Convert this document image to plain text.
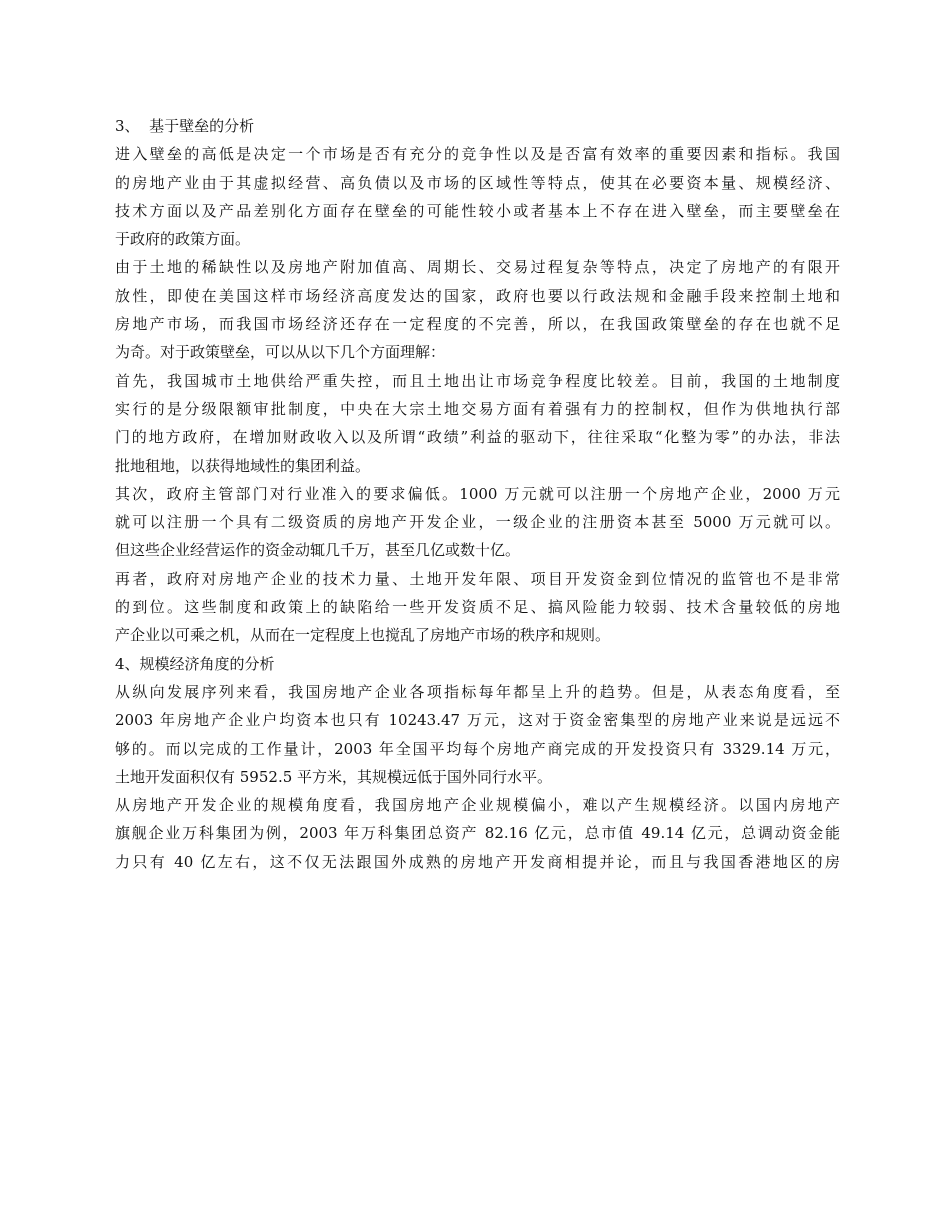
3、  基于壁垒的分析
进入壁垒的高低是决定一个市场是否有充分的竞争性以及是否富有效率的重要因素和指标。我国
的房地产业由于其虚拟经营、高负债以及市场的区域性等特点，使其在必要资本量、规模经济、
技术方面以及产品差别化方面存在壁垒的可能性较小或者基本上不存在进入壁垒，而主要壁垒在
于政府的政策方面。
由于土地的稀缺性以及房地产附加值高、周期长、交易过程复杂等特点，决定了房地产的有限开
放性，即使在美国这样市场经济高度发达的国家，政府也要以行政法规和金融手段来控制土地和
房地产市场，而我国市场经济还存在一定程度的不完善，所以，在我国政策壁垒的存在也就不足
为奇。对于政策壁垒，可以从以下几个方面理解：
首先，我国城市土地供给严重失控，而且土地出让市场竞争程度比较差。目前，我国的土地制度
实行的是分级限额审批制度，中央在大宗土地交易方面有着强有力的控制权，但作为供地执行部
门的地方政府，在增加财政收入以及所谓“政绩”利益的驱动下，往往采取“化整为零”的办法，非法
批地租地，以获得地域性的集团利益。
其次，政府主管部门对行业准入的要求偏低。1000 万元就可以注册一个房地产企业，2000 万元
就可以注册一个具有二级资质的房地产开发企业，一级企业的注册资本甚至 5000 万元就可以。
但这些企业经营运作的资金动辄几千万，甚至几亿或数十亿。
再者，政府对房地产企业的技术力量、土地开发年限、项目开发资金到位情况的监管也不是非常
的到位。这些制度和政策上的缺陷给一些开发资质不足、搞风险能力较弱、技术含量较低的房地
产企业以可乘之机，从而在一定程度上也搅乱了房地产市场的秩序和规则。
4、规模经济角度的分析
从纵向发展序列来看，我国房地产企业各项指标每年都呈上升的趋势。但是，从表态角度看，至
2003 年房地产企业户均资本也只有 10243.47 万元，这对于资金密集型的房地产业来说是远远不
够的。而以完成的工作量计，2003 年全国平均每个房地产商完成的开发投资只有 3329.14 万元，
土地开发面积仅有 5952.5 平方米，其规模远低于国外同行水平。
从房地产开发企业的规模角度看，我国房地产企业规模偏小，难以产生规模经济。以国内房地产
旗舰企业万科集团为例，2003 年万科集团总资产 82.16 亿元，总市值 49.14 亿元，总调动资金能
力只有 40 亿左右，这不仅无法跟国外成熟的房地产开发商相提并论，而且与我国香港地区的房
